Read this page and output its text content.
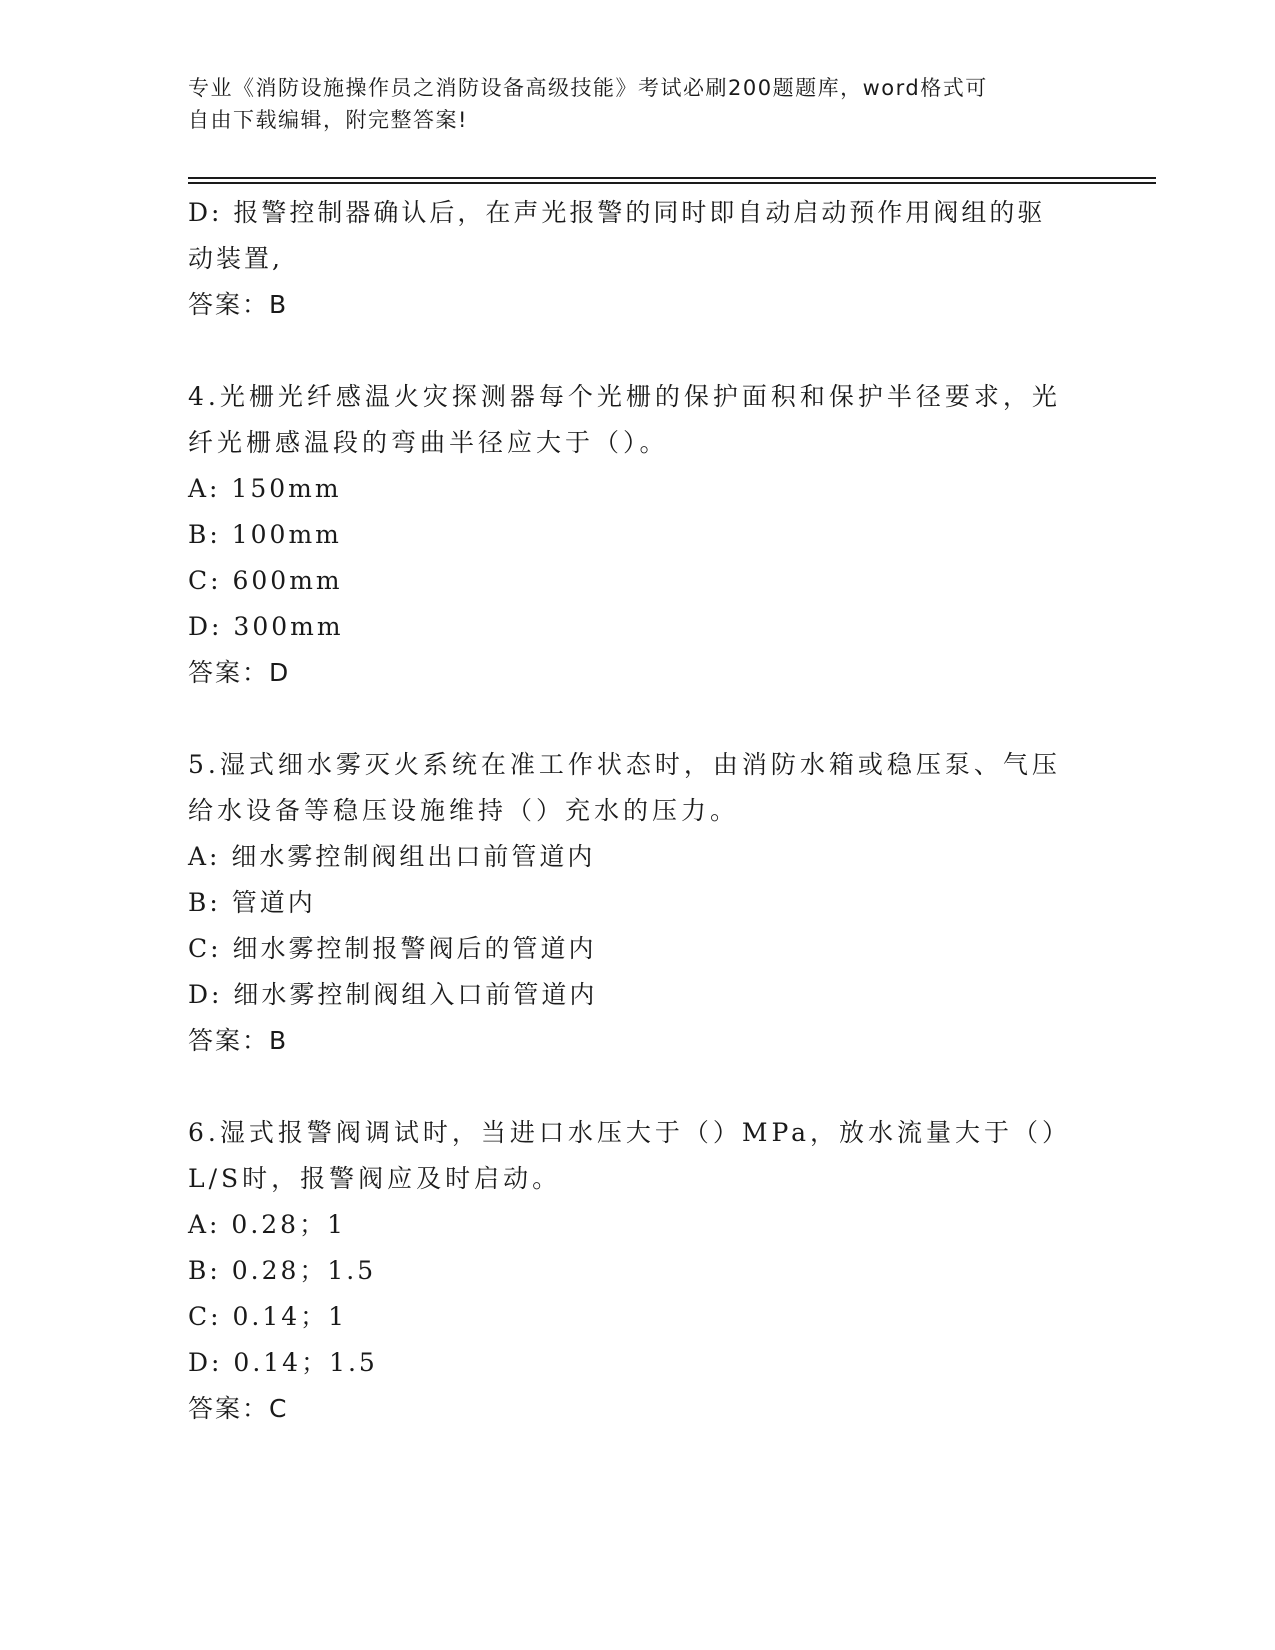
专业《消防设施操作员之消防设备高级技能》考试必刷200题题库，word格式可
自由下载编辑，附完整答案!
D: 报警控制器确认后，在声光报警的同时即自动启动预作用阀组的驱
动装置,
答案：B
4.光栅光纤感温火灾探测器每个光栅的保护面积和保护半径要求，光
纤光栅感温段的弯曲半径应大于（）。
A: 150mm
B: 100mm
C: 600mm
D: 300mm
答案：D
5.湿式细水雾灭火系统在准工作状态时，由消防水箱或稳压泵、气压
给水设备等稳压设施维持（）充水的压力。
A: 细水雾控制阀组出口前管道内
B: 管道内
C: 细水雾控制报警阀后的管道内
D: 细水雾控制阀组入口前管道内
答案：B
6.湿式报警阀调试时，当进口水压大于（）MPa，放水流量大于（）
L/S时，报警阀应及时启动。
A: 0.28；1
B: 0.28；1.5
C: 0.14；1
D: 0.14；1.5
答案：C
